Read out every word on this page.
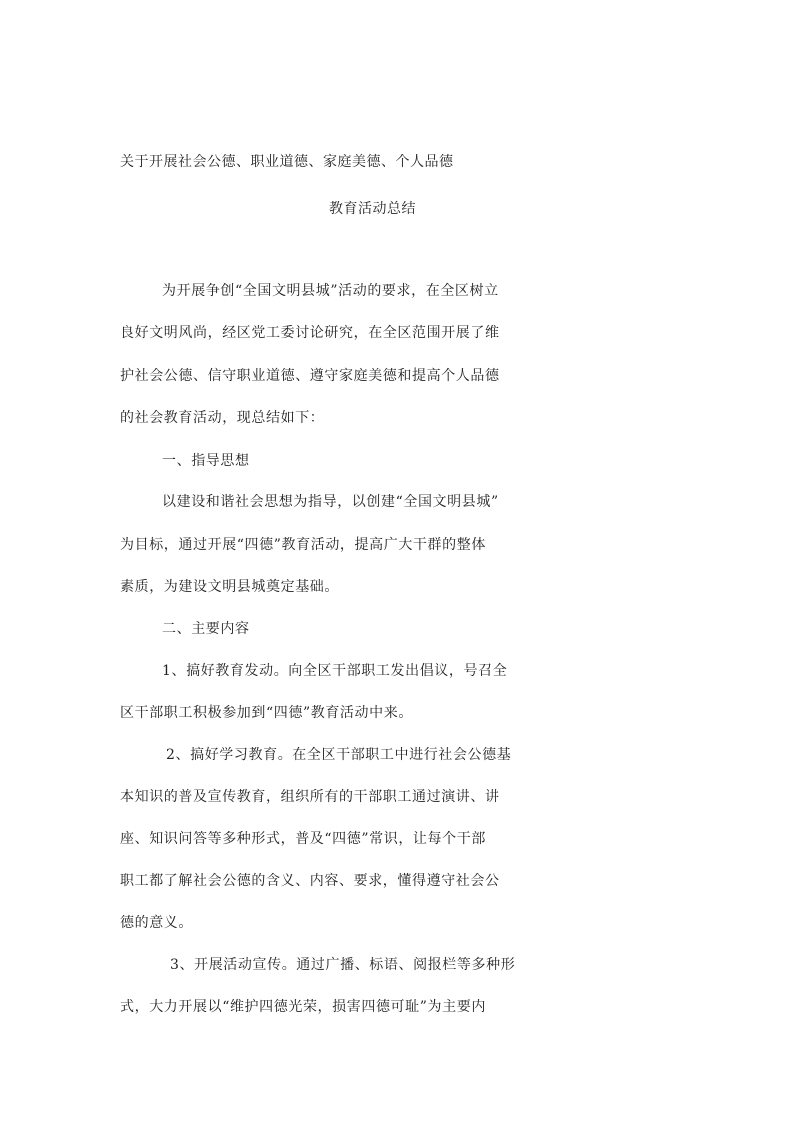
关于开展社会公德、职业道德、家庭美德、个人品德
教育活动总结
为开展争创“全国文明县城”活动的要求，在全区树立
良好文明风尚，经区党工委讨论研究，在全区范围开展了维
护社会公德、信守职业道德、遵守家庭美德和提高个人品德
的社会教育活动，现总结如下：
一、指导思想
以建设和谐社会思想为指导，以创建“全国文明县城”
为目标，通过开展“四德”教育活动，提高广大干群的整体
素质，为建设文明县城奠定基础。
二、主要内容
1、搞好教育发动。向全区干部职工发出倡议，号召全
区干部职工积极参加到“四德”教育活动中来。
2、搞好学习教育。在全区干部职工中进行社会公德基
本知识的普及宣传教育，组织所有的干部职工通过演讲、讲
座、知识问答等多种形式，普及“四德”常识，让每个干部
职工都了解社会公德的含义、内容、要求，懂得遵守社会公
德的意义。
3、开展活动宣传。通过广播、标语、阅报栏等多种形
式，大力开展以“维护四德光荣，损害四德可耻”为主要内
